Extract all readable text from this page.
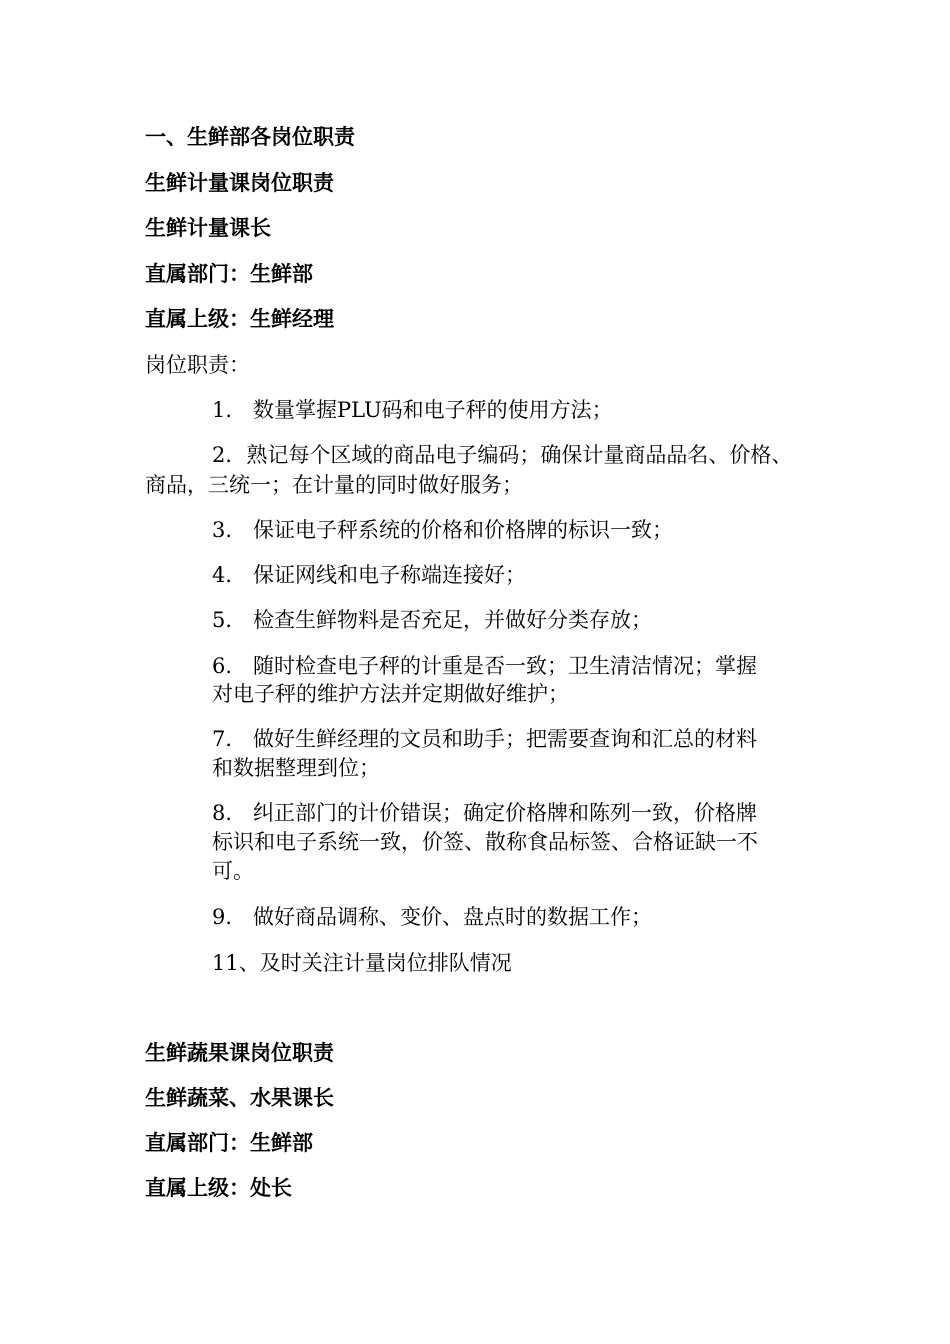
一、生鲜部各岗位职责
生鲜计量课岗位职责
生鲜计量课长
直属部门：生鲜部
直属上级：生鲜经理
岗位职责：
1． 数量掌握PLU码和电子秤的使用方法；
2．熟记每个区域的商品电子编码；确保计量商品品名、价格、
商品，三统一；在计量的同时做好服务；
3． 保证电子秤系统的价格和价格牌的标识一致；
4． 保证网线和电子称端连接好；
5． 检查生鲜物料是否充足，并做好分类存放；
6． 随时检查电子秤的计重是否一致；卫生清洁情况；掌握
对电子秤的维护方法并定期做好维护；
7． 做好生鲜经理的文员和助手；把需要查询和汇总的材料
和数据整理到位；
8． 纠正部门的计价错误；确定价格牌和陈列一致，价格牌
标识和电子系统一致，价签、散称食品标签、合格证缺一不
可。
9． 做好商品调称、变价、盘点时的数据工作；
11、及时关注计量岗位排队情况
生鲜蔬果课岗位职责
生鲜蔬菜、水果课长
直属部门：生鲜部
直属上级：处长
